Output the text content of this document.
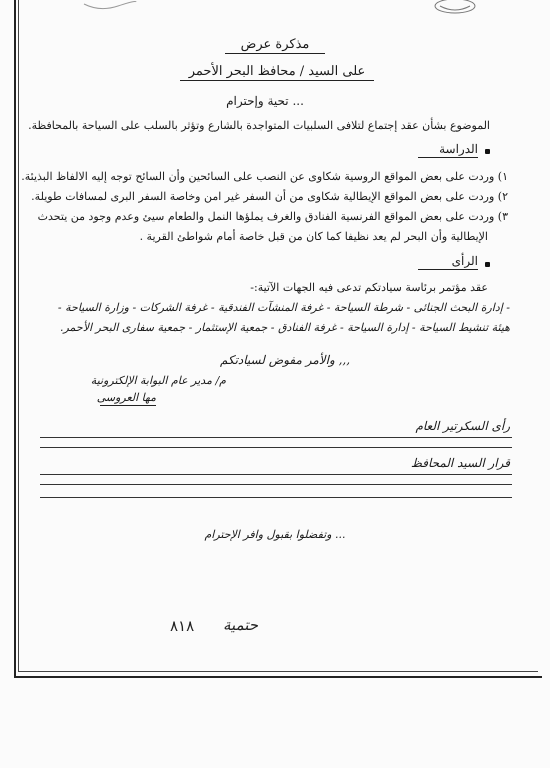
مذكرة عرض
على السيد / محافظ البحر الأحمر
تحية وإحترام ...
الموضوع بشأن عقد إجتماع لتلافى السلبيات المتواجدة بالشارع وتؤثر بالسلب على السياحة بالمحافظة.
الدراسة
١) وردت على بعض المواقع الروسية شكاوى عن النصب على السائحين وأن السائح توجه إليه الالفاظ البذيئة.
٢) وردت على بعض المواقع الإيطالية شكاوى من أن السفر غير امن وخاصة السفر البرى لمسافات طويلة.
٣) وردت على بعض المواقع الفرنسية الفنادق والغرف يملؤها النمل والطعام سيئ وعدم وجود من يتحدث
الإيطالية وأن البحر لم يعد نظيفا كما كان من قبل خاصة أمام شواطئ القرية .
الرأى
عقد مؤتمر برئاسة سيادتكم تدعى فيه الجهات الآتية:-
- إدارة البحث الجنائى - شرطة السياحة - غرفة المنشآت الفندقية - غرفة الشركات - وزارة السياحة -
هيئة تنشيط السياحة - إدارة السياحة - غرفة الفنادق - جمعية الإستثمار - جمعية سفارى البحر الأحمر.
والأمر مفوض لسيادتكم ,,,
م/ مدير عام البوابة الإلكترونية
مها العروسى
رأى السكرتير العام
قرار السيد المحافظ
وتفضلوا بقبول وافر الإحترام ...
حتمية
٨١٨
